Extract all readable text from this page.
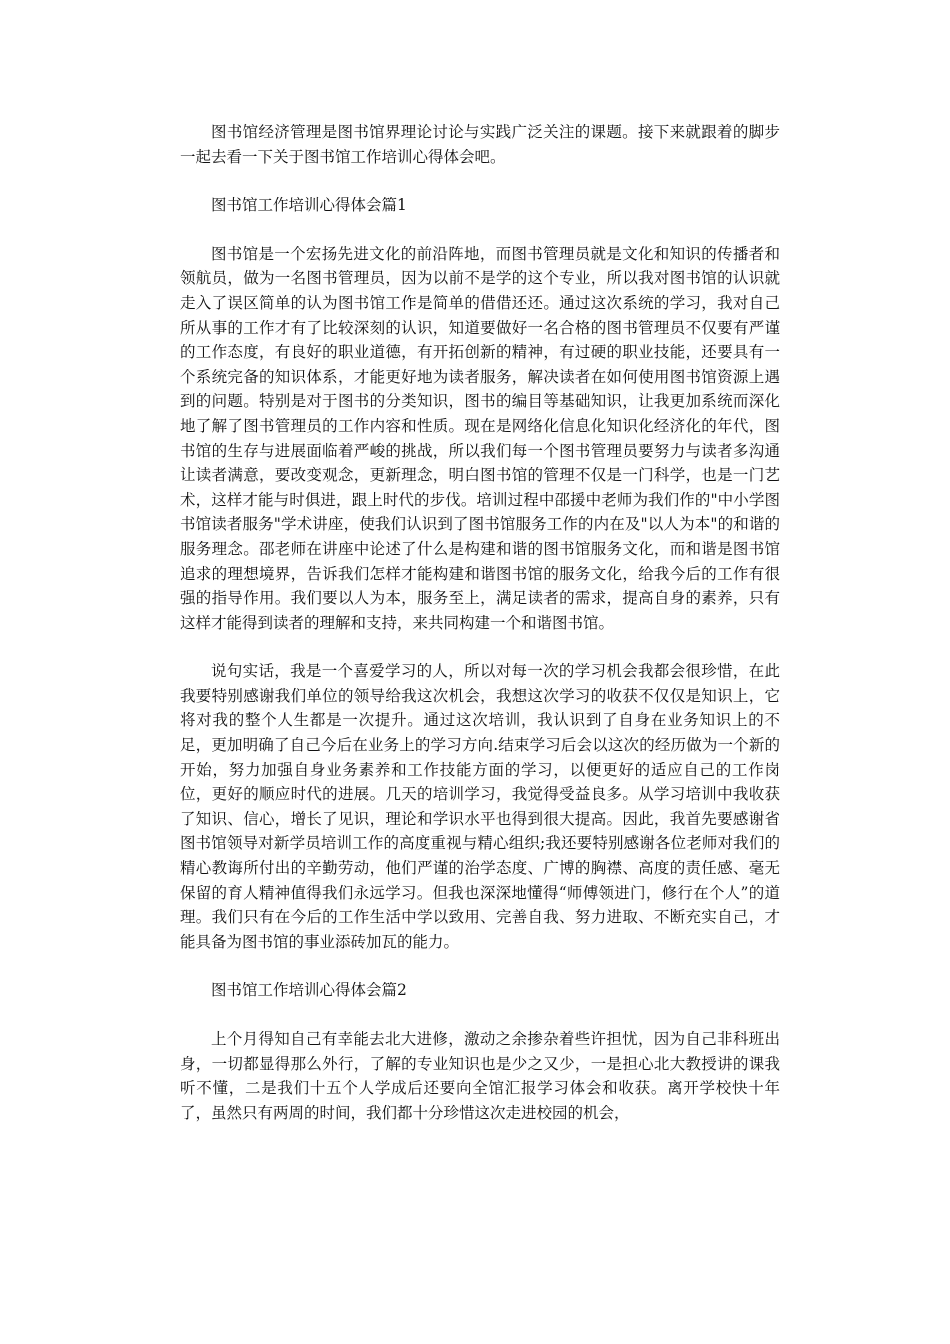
图书馆经济管理是图书馆界理论讨论与实践广泛关注的课题。接下来就跟着的脚步一起去看一下关于图书馆工作培训心得体会吧。

图书馆工作培训心得体会篇1

图书馆是一个宏扬先进文化的前沿阵地，而图书管理员就是文化和知识的传播者和领航员，做为一名图书管理员，因为以前不是学的这个专业，所以我对图书馆的认识就走入了误区简单的认为图书馆工作是简单的借借还还。通过这次系统的学习，我对自己所从事的工作才有了比较深刻的认识，知道要做好一名合格的图书管理员不仅要有严谨的工作态度，有良好的职业道德，有开拓创新的精神，有过硬的职业技能，还要具有一个系统完备的知识体系，才能更好地为读者服务，解决读者在如何使用图书馆资源上遇到的问题。特别是对于图书的分类知识，图书的编目等基础知识，让我更加系统而深化地了解了图书管理员的工作内容和性质。现在是网络化信息化知识化经济化的年代，图书馆的生存与进展面临着严峻的挑战，所以我们每一个图书管理员要努力与读者多沟通让读者满意，要改变观念，更新理念，明白图书馆的管理不仅是一门科学，也是一门艺术，这样才能与时俱进，跟上时代的步伐。培训过程中邵援中老师为我们作的"中小学图书馆读者服务"学术讲座，使我们认识到了图书馆服务工作的内在及"以人为本"的和谐的服务理念。邵老师在讲座中论述了什么是构建和谐的图书馆服务文化，而和谐是图书馆追求的理想境界，告诉我们怎样才能构建和谐图书馆的服务文化，给我今后的工作有很强的指导作用。我们要以人为本，服务至上，满足读者的需求，提高自身的素养，只有这样才能得到读者的理解和支持，来共同构建一个和谐图书馆。

说句实话，我是一个喜爱学习的人，所以对每一次的学习机会我都会很珍惜，在此我要特别感谢我们单位的领导给我这次机会，我想这次学习的收获不仅仅是知识上，它将对我的整个人生都是一次提升。通过这次培训，我认识到了自身在业务知识上的不足，更加明确了自己今后在业务上的学习方向.结束学习后会以这次的经历做为一个新的开始，努力加强自身业务素养和工作技能方面的学习，以便更好的适应自己的工作岗位，更好的顺应时代的进展。几天的培训学习，我觉得受益良多。从学习培训中我收获了知识、信心，增长了见识，理论和学识水平也得到很大提高。因此，我首先要感谢省图书馆领导对新学员培训工作的高度重视与精心组织;我还要特别感谢各位老师对我们的精心教诲所付出的辛勤劳动，他们严谨的治学态度、广博的胸襟、高度的责任感、毫无保留的育人精神值得我们永远学习。但我也深深地懂得“师傅领进门，修行在个人”的道理。我们只有在今后的工作生活中学以致用、完善自我、努力进取、不断充实自己，才能具备为图书馆的事业添砖加瓦的能力。

图书馆工作培训心得体会篇2

上个月得知自己有幸能去北大进修，激动之余掺杂着些许担忧，因为自己非科班出身，一切都显得那么外行，了解的专业知识也是少之又少，一是担心北大教授讲的课我听不懂，二是我们十五个人学成后还要向全馆汇报学习体会和收获。离开学校快十年了，虽然只有两周的时间，我们都十分珍惜这次走进校园的机会，
